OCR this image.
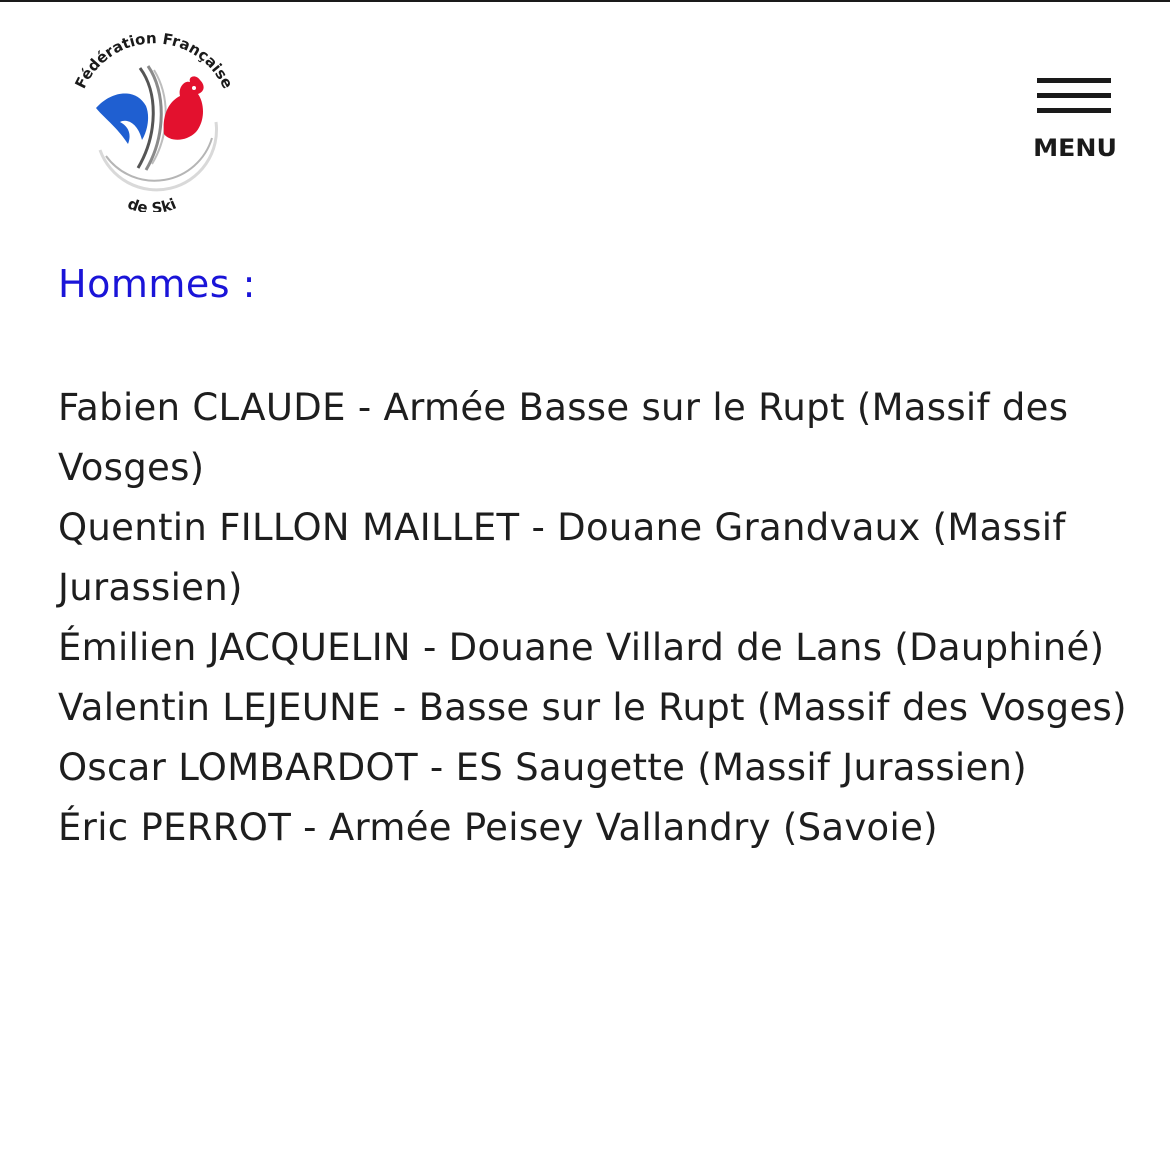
Fédération Française
de Ski
MENU
Hommes :
Fabien CLAUDE - Armée Basse sur le Rupt (Massif des Vosges)
Quentin FILLON MAILLET - Douane Grandvaux (Massif Jurassien)
Émilien JACQUELIN - Douane Villard de Lans (Dauphiné)
Valentin LEJEUNE - Basse sur le Rupt (Massif des Vosges)
Oscar LOMBARDOT - ES Saugette (Massif Jurassien)
Éric PERROT - Armée Peisey Vallandry (Savoie)
